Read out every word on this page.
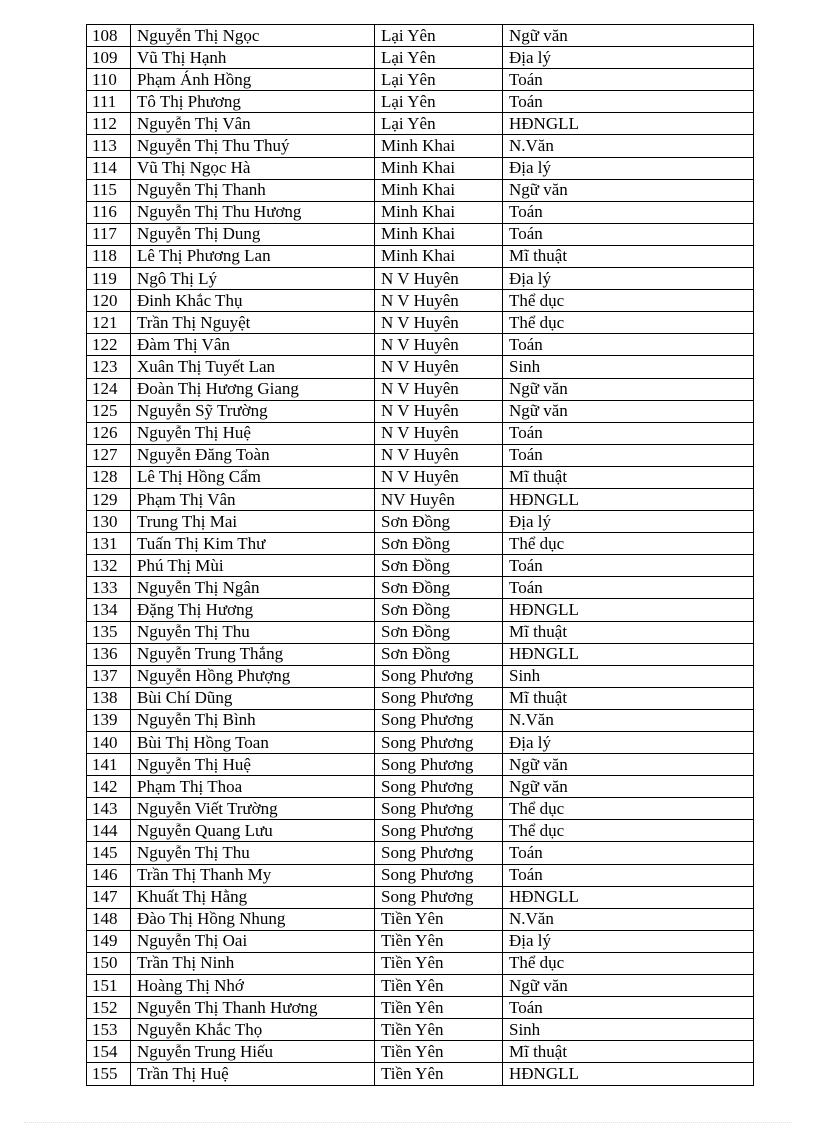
108	Nguyễn Thị Ngọc	Lại Yên	Ngữ văn
109	Vũ Thị Hạnh	Lại Yên	Địa lý
110	Phạm Ánh Hồng	Lại Yên	Toán
111	Tô Thị Phương	Lại Yên	Toán
112	Nguyễn Thị Vân	Lại Yên	HĐNGLL
113	Nguyễn Thị Thu Thuý	Minh Khai	N.Văn
114	Vũ Thị Ngọc Hà	Minh Khai	Địa lý
115	Nguyễn Thị Thanh	Minh Khai	Ngữ văn
116	Nguyễn Thị Thu Hương	Minh Khai	Toán
117	Nguyễn Thị Dung	Minh Khai	Toán
118	Lê Thị Phương Lan	Minh Khai	Mĩ thuật
119	Ngô Thị Lý	N V Huyên	Địa lý
120	Đinh Khắc Thụ	N V Huyên	Thể dục
121	Trần Thị Nguyệt	N V Huyên	Thể dục
122	Đàm Thị Vân	N V Huyên	Toán
123	Xuân Thị Tuyết Lan	N V Huyên	Sinh
124	Đoàn Thị Hương Giang	N V Huyên	Ngữ văn
125	Nguyễn Sỹ Trường	N V Huyên	Ngữ văn
126	Nguyễn Thị Huệ	N V Huyên	Toán
127	Nguyễn Đăng Toàn	N V Huyên	Toán
128	Lê Thị Hồng Cẩm	N V Huyên	Mĩ thuật
129	Phạm Thị Vân	NV Huyên	HĐNGLL
130	Trung Thị Mai	Sơn Đồng	Địa lý
131	Tuấn Thị Kim Thư	Sơn Đồng	Thể dục
132	Phú Thị Mùi	Sơn Đồng	Toán
133	Nguyễn Thị Ngân	Sơn Đồng	Toán
134	Đặng Thị Hương	Sơn Đồng	HĐNGLL
135	Nguyễn Thị Thu	Sơn Đồng	Mĩ thuật
136	Nguyễn Trung Thắng	Sơn Đồng	HĐNGLL
137	Nguyễn Hồng Phượng	Song Phương	Sinh
138	Bùi Chí Dũng	Song Phương	Mĩ thuật
139	Nguyễn Thị Bình	Song Phương	N.Văn
140	Bùi Thị Hồng Toan	Song Phương	Địa lý
141	Nguyễn Thị Huệ	Song Phương	Ngữ văn
142	Phạm Thị Thoa	Song Phương	Ngữ văn
143	Nguyễn Viết Trường	Song Phương	Thể dục
144	Nguyễn Quang Lưu	Song Phương	Thể dục
145	Nguyễn Thị Thu	Song Phương	Toán
146	Trần Thị Thanh My	Song Phương	Toán
147	Khuất Thị Hằng	Song Phương	HĐNGLL
148	Đào Thị Hồng Nhung	Tiền Yên	N.Văn
149	Nguyễn Thị Oai	Tiền Yên	Địa lý
150	Trần Thị Ninh	Tiền Yên	Thể dục
151	Hoàng Thị Nhớ	Tiền Yên	Ngữ văn
152	Nguyễn Thị Thanh Hương	Tiền Yên	Toán
153	Nguyễn Khắc Thọ	Tiền Yên	Sinh
154	Nguyễn Trung Hiếu	Tiền Yên	Mĩ thuật
155	Trần Thị Huệ	Tiền Yên	HĐNGLL
